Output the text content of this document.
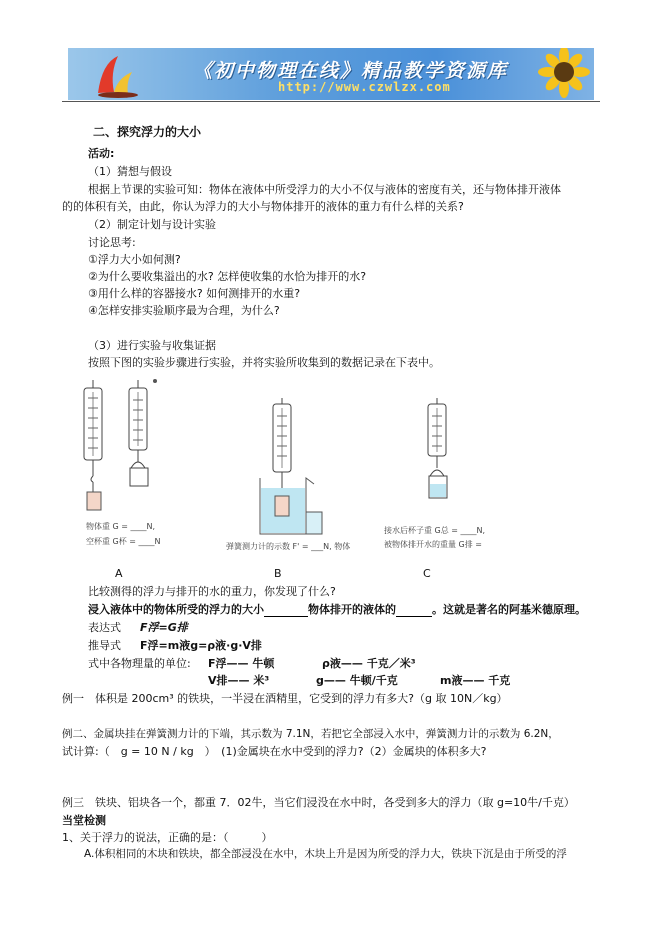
《初中物理在线》精品教学资源库
http://www.czwlzx.com
二、探究浮力的大小
活动:
（1）猜想与假设
根据上节课的实验可知：物体在液体中所受浮力的大小不仅与液体的密度有关，还与物体排开液体
的的体积有关，由此，你认为浮力的大小与物体排开的液体的重力有什么样的关系?
（2）制定计划与设计实验
讨论思考:
①浮力大小如何测?
②为什么要收集溢出的水? 怎样使收集的水恰为排开的水?
③用什么样的容器接水? 如何测排开的水重?
④怎样安排实验顺序最为合理，为什么?
（3）进行实验与收集证据
按照下图的实验步骤进行实验，并将实验所收集到的数据记录在下表中。
物体重 G = ____N,
空杯重 G杯 = ____N
弹簧测力计的示数 F' = ___N, 物体
接水后杯子重 G总 = ____N,
被物体排开水的重量 G排 =
A	B	C
比较测得的浮力与排开的水的重力，你发现了什么?
浸入液体中的物体所受的浮力的大小	物体排开的液体的	。这就是著名的阿基米德原理。
表达式 F浮=G排
推导式 F浮=m液g=ρ液·g·V排
式中各物理量的单位: F浮—— 牛顿	ρ液—— 千克／米³
V排—— 米³	g—— 牛顿/千克	m液—— 千克
例一　体积是 200cm³ 的铁块，一半浸在酒精里，它受到的浮力有多大?（g 取 10N／kg）
例二、金属块挂在弹簧测力计的下端，其示数为 7.1N，若把它全部浸入水中，弹簧测力计的示数为 6.2N，
试计算:（　g = 10 N / kg　）　(1)金属块在水中受到的浮力?（2）金属块的体积多大?
例三　铁块、铝块各一个，都重 7．02牛，当它们浸没在水中时，各受到多大的浮力（取 g=10牛/千克）
当堂检测
1、关于浮力的说法，正确的是：（　　　）
A.体积相同的木块和铁块，都全部浸没在水中，木块上升是因为所受的浮力大，铁块下沉是由于所受的浮
